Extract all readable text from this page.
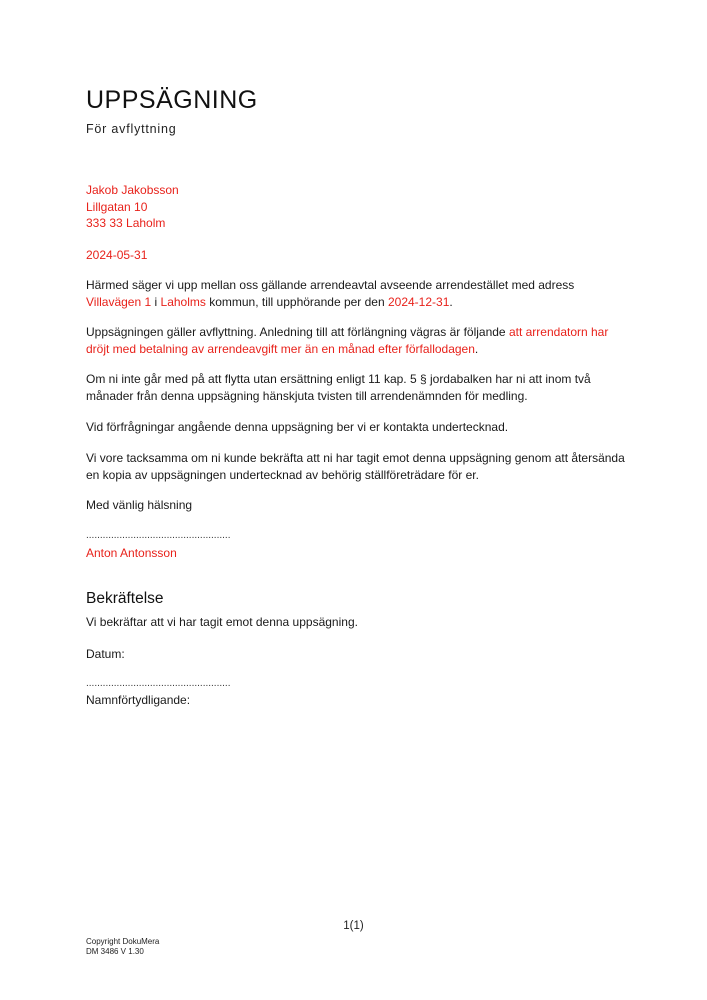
UPPSÄGNING
För avflyttning
Jakob Jakobsson
Lillgatan 10
333 33 Laholm
2024-05-31
Härmed säger vi upp mellan oss gällande arrendeavtal avseende arrendestället med adress Villavägen 1 i Laholms kommun, till upphörande per den 2024-12-31.
Uppsägningen gäller avflyttning. Anledning till att förlängning vägras är följande att arrendatorn har dröjt med betalning av arrendeavgift mer än en månad efter förfallodagen.
Om ni inte går med på att flytta utan ersättning enligt 11 kap. 5 § jordabalken har ni att inom två månader från denna uppsägning hänskjuta tvisten till arrendenämnden för medling.
Vid förfrågningar angående denna uppsägning ber vi er kontakta undertecknad.
Vi vore tacksamma om ni kunde bekräfta att ni har tagit emot denna uppsägning genom att återsända en kopia av uppsägningen undertecknad av behörig ställföreträdare för er.
Med vänlig hälsning
....................................................
Anton Antonsson
Bekräftelse
Vi bekräftar att vi har tagit emot denna uppsägning.
Datum:
....................................................
Namnförtydligande:
1(1)
Copyright DokuMera
DM 3486 V 1.30
